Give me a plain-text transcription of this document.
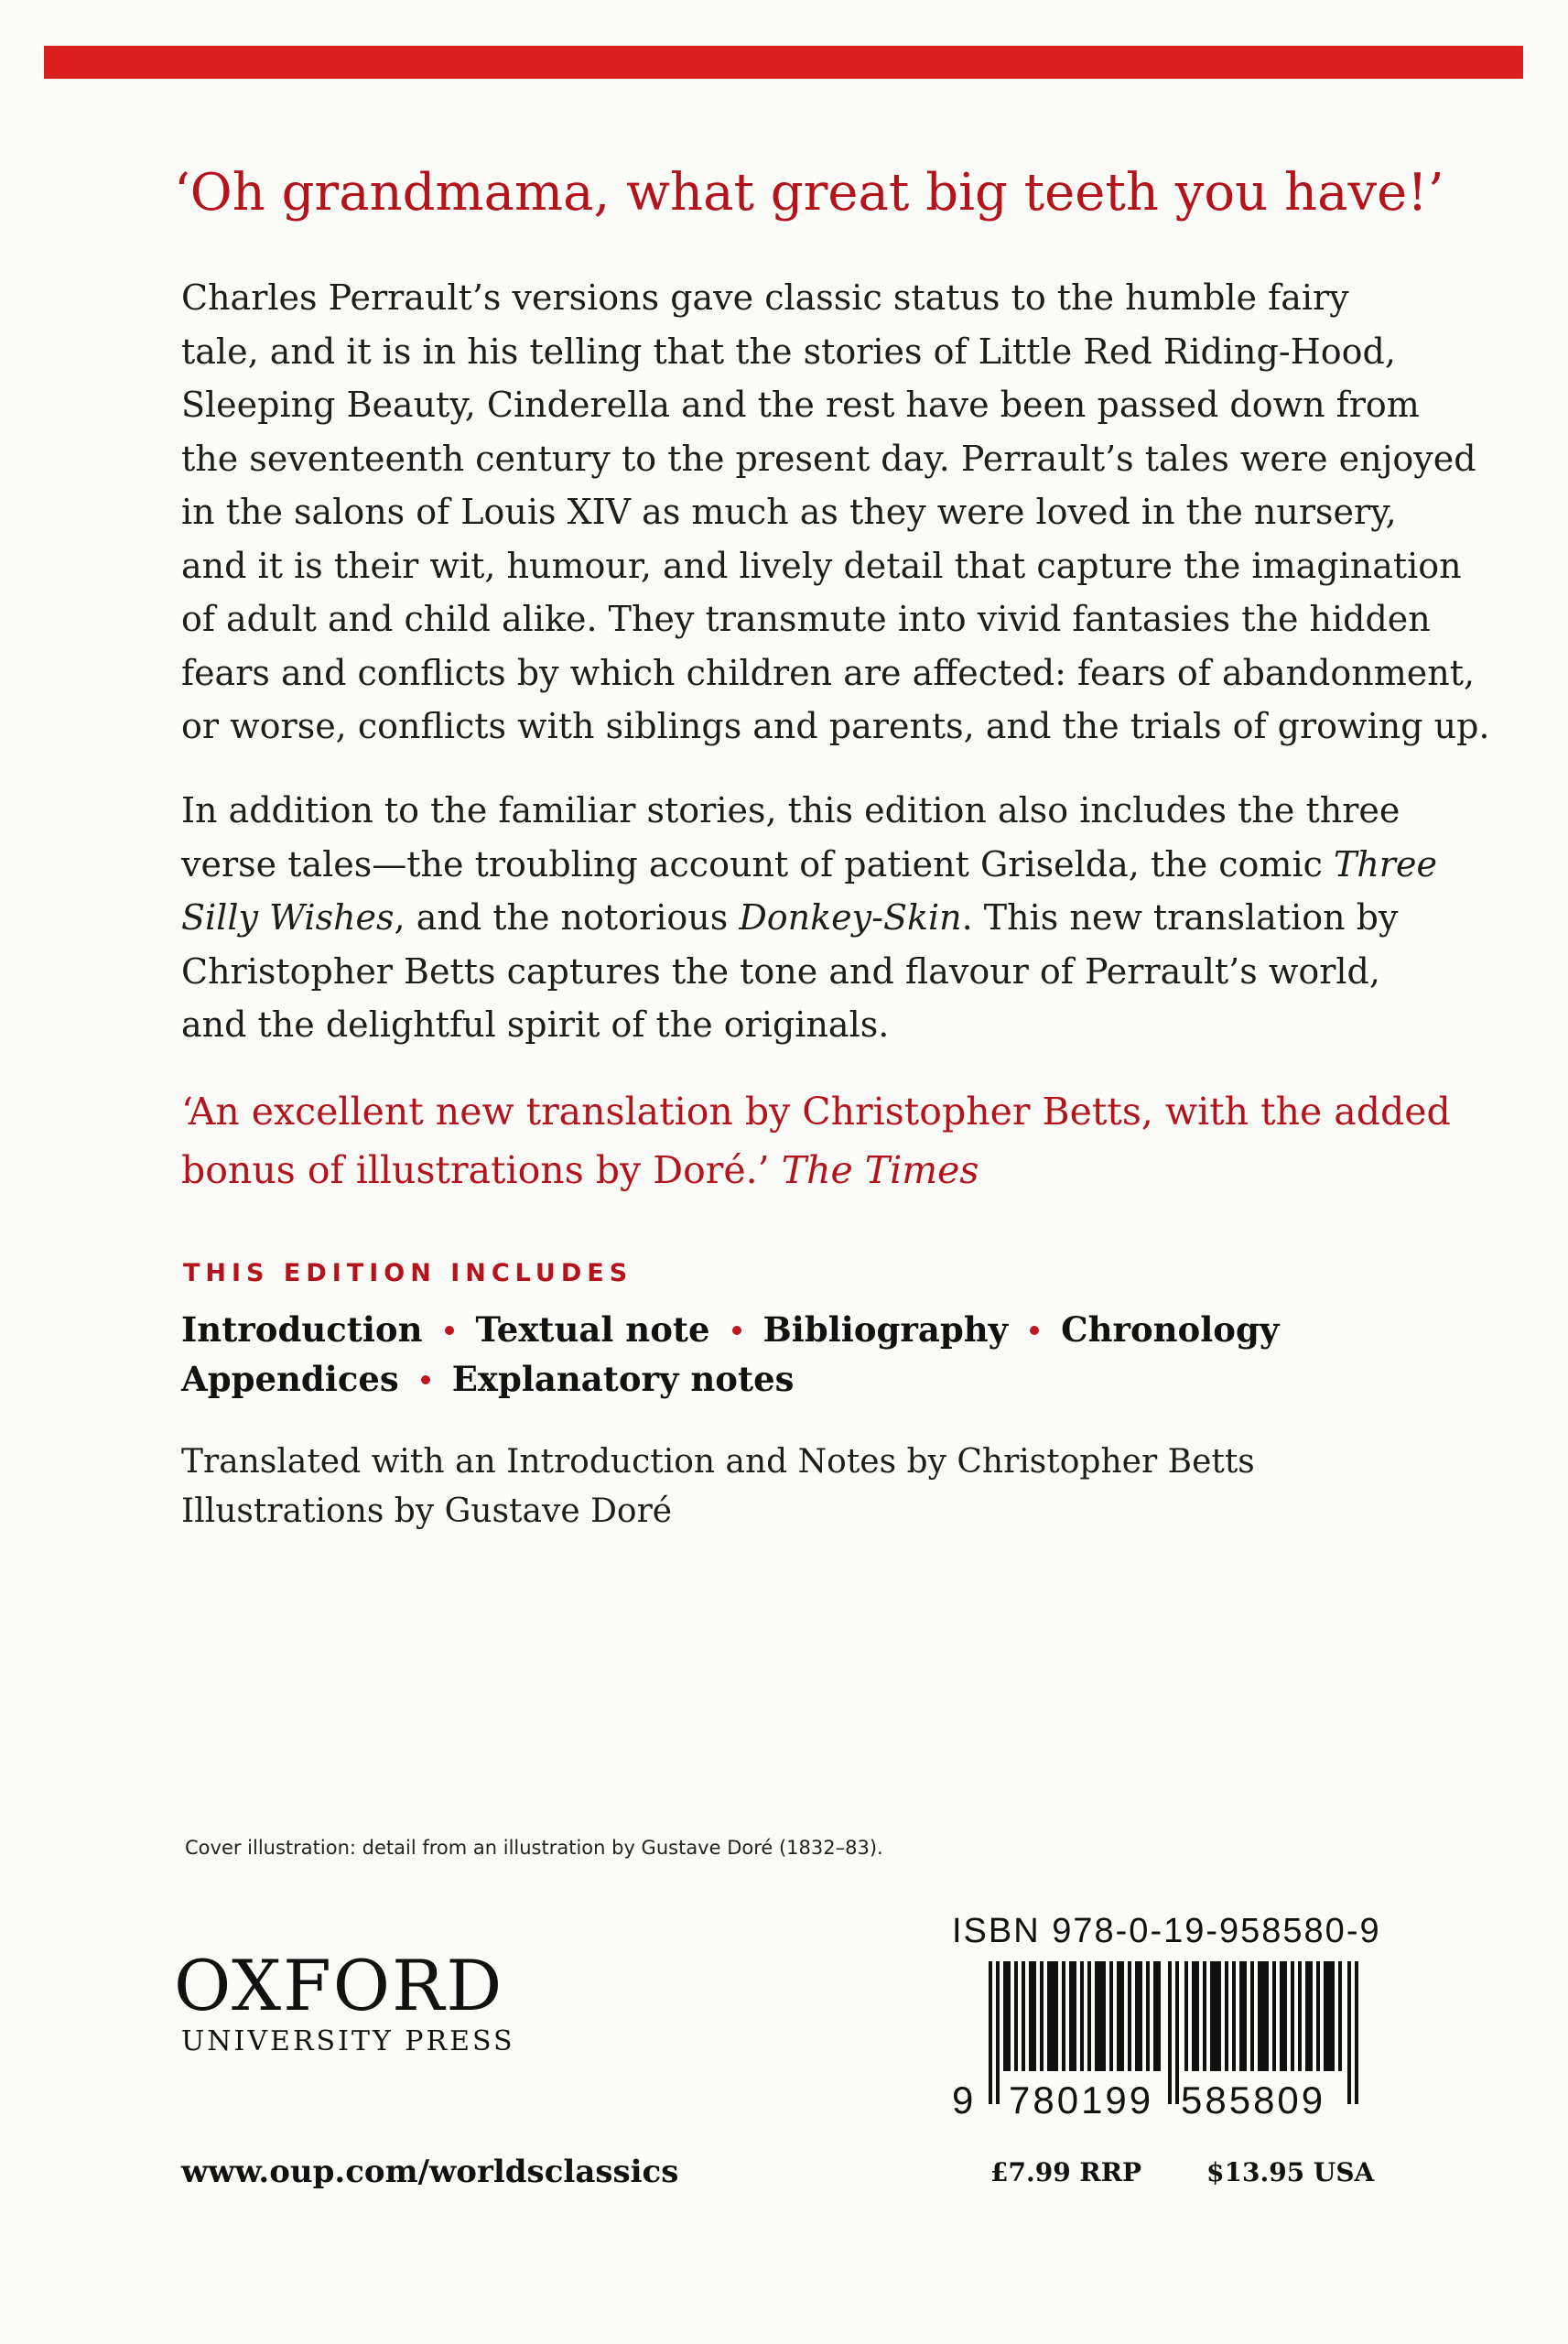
‘Oh grandmama, what great big teeth you have!’
Charles Perrault’s versions gave classic status to the humble fairy
tale, and it is in his telling that the stories of Little Red Riding-Hood,
Sleeping Beauty, Cinderella and the rest have been passed down from
the seventeenth century to the present day. Perrault’s tales were enjoyed
in the salons of Louis XIV as much as they were loved in the nursery,
and it is their wit, humour, and lively detail that capture the imagination
of adult and child alike. They transmute into vivid fantasies the hidden
fears and conflicts by which children are affected: fears of abandonment,
or worse, conflicts with siblings and parents, and the trials of growing up.
In addition to the familiar stories, this edition also includes the three
verse tales—the troubling account of patient Griselda, the comic Three
Silly Wishes, and the notorious Donkey-Skin. This new translation by
Christopher Betts captures the tone and flavour of Perrault’s world,
and the delightful spirit of the originals.
‘An excellent new translation by Christopher Betts, with the added
bonus of illustrations by Doré.’ The Times
THIS EDITION INCLUDES
Introduction Textual note Bibliography Chronology
Appendices Explanatory notes
Translated with an Introduction and Notes by Christopher Betts
Illustrations by Gustave Doré
Cover illustration: detail from an illustration by Gustave Doré (1832–83).
OXFORD
UNIVERSITY PRESS
www.oup.com/worldsclassics
ISBN 978-0-19-958580-9
9 780199 585809
£7.99 RRP	$13.95 USA
